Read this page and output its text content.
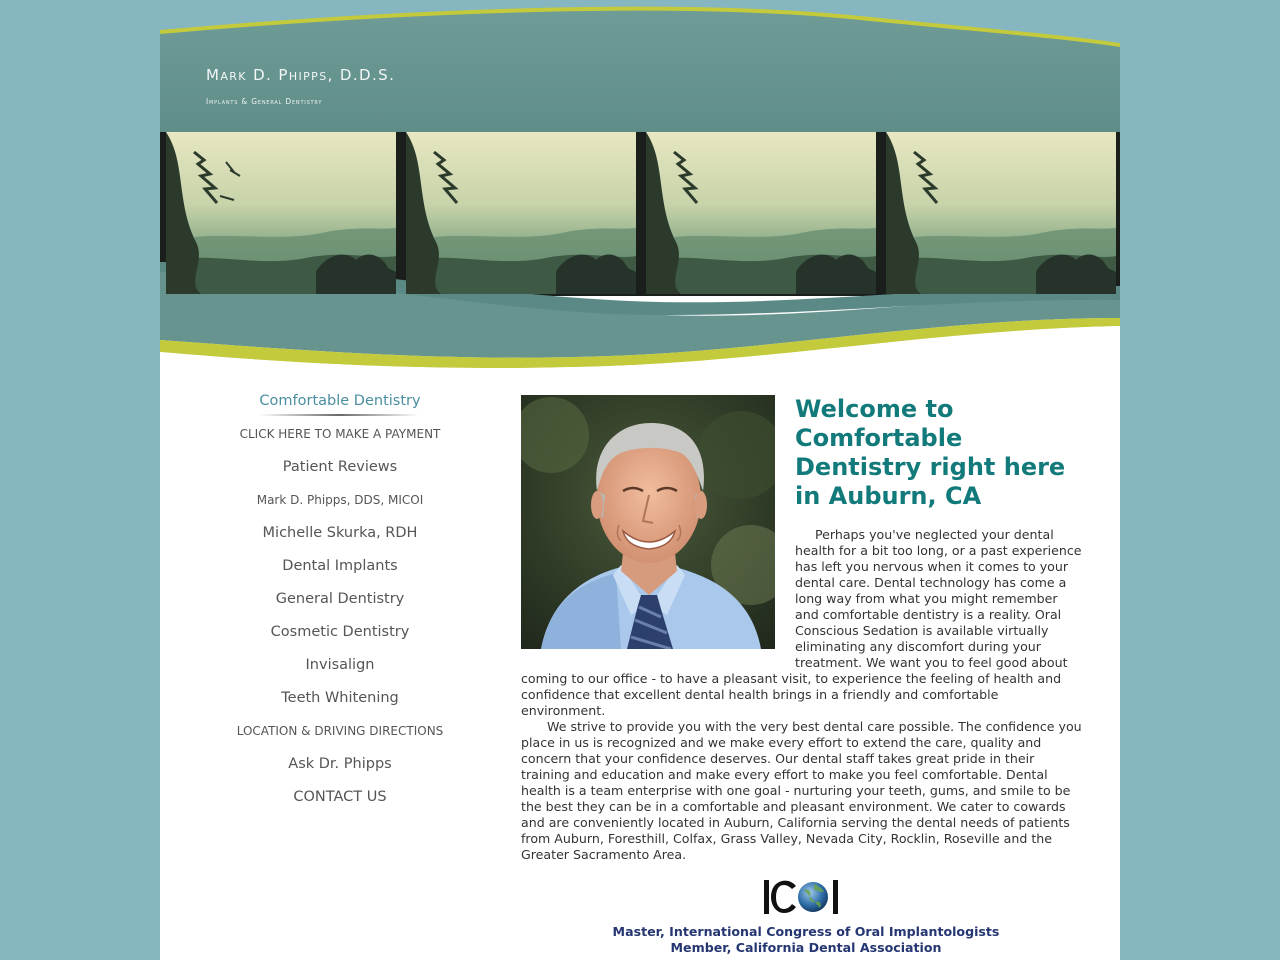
Mark D. Phipps, D.D.S.
Implants & General Dentistry
Comfortable Dentistry
CLICK HERE TO MAKE A PAYMENT
Patient Reviews
Mark D. Phipps, DDS, MICOI
Michelle Skurka, RDH
Dental Implants
General Dentistry
Cosmetic Dentistry
Invisalign
Teeth Whitening
LOCATION & DRIVING DIRECTIONS
Ask Dr. Phipps
CONTACT US
Welcome to Comfortable Dentistry right here in Auburn, CA
Perhaps you've neglected your dental health for a bit too long, or a past experience has left you nervous when it comes to your dental care. Dental technology has come a long way from what you might remember and comfortable dentistry is a reality. Oral Conscious Sedation is available virtually eliminating any discomfort during your treatment. We want you to feel good about coming to our office - to have a pleasant visit, to experience the feeling of health and confidence that excellent dental health brings in a friendly and comfortable environment.
We strive to provide you with the very best dental care possible. The confidence you place in us is recognized and we make every effort to extend the care, quality and concern that your confidence deserves. Our dental staff takes great pride in their training and education and make every effort to make you feel comfortable. Dental health is a team enterprise with one goal - nurturing your teeth, gums, and smile to be the best they can be in a comfortable and pleasant environment. We cater to cowards and are conveniently located in Auburn, California serving the dental needs of patients from Auburn, Foresthill, Colfax, Grass Valley, Nevada City, Rocklin, Roseville and the Greater Sacramento Area.
Master, International Congress of Oral Implantologists
Member, California Dental Association
